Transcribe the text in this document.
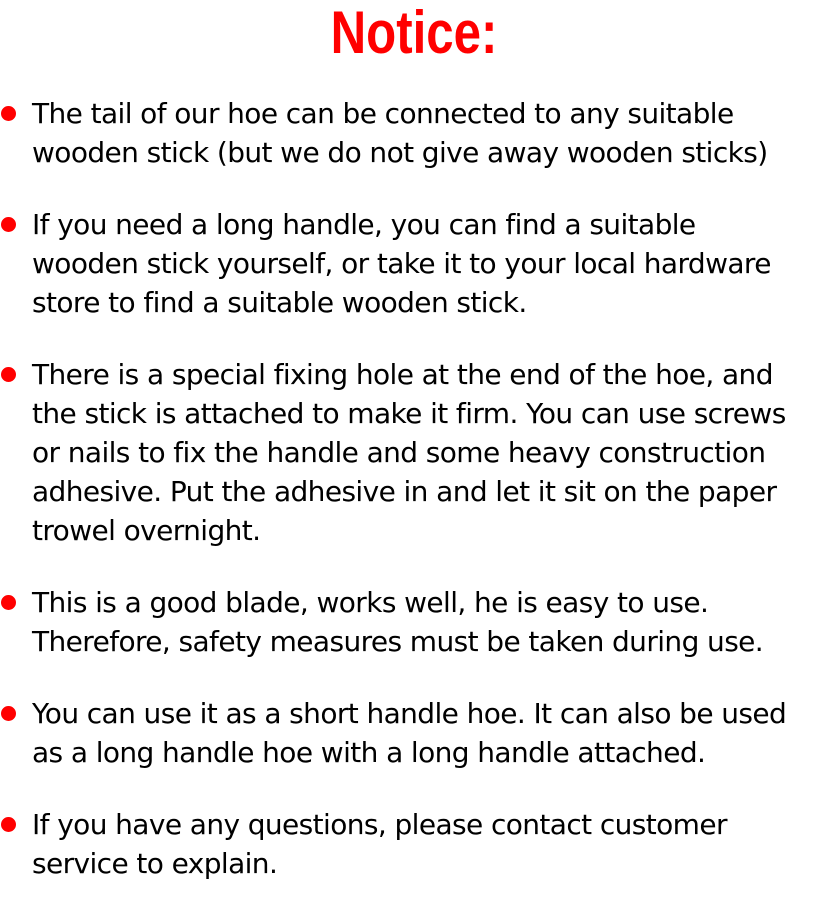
Notice:
The tail of our hoe can be connected to any suitable
wooden stick (but we do not give away wooden sticks)
If you need a long handle, you can find a suitable
wooden stick yourself, or take it to your local hardware
store to find a suitable wooden stick.
There is a special fixing hole at the end of the hoe, and
the stick is attached to make it firm. You can use screws
or nails to fix the handle and some heavy construction
adhesive. Put the adhesive in and let it sit on the paper
trowel overnight.
This is a good blade, works well, he is easy to use.
Therefore, safety measures must be taken during use.
You can use it as a short handle hoe. It can also be used
as a long handle hoe with a long handle attached.
If you have any questions, please contact customer
service to explain.
